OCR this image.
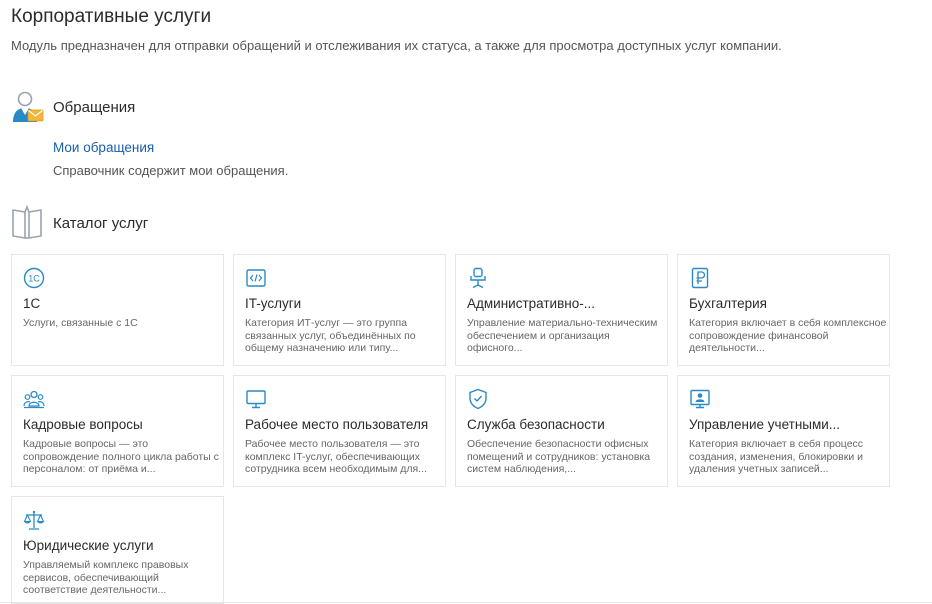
Корпоративные услуги
Модуль предназначен для отправки обращений и отслеживания их статуса, а также для просмотра доступных услуг компании.
Обращения
Мои обращения
Справочник содержит мои обращения.
Каталог услуг
1C
1С
Услуги, связанные с 1С
IT-услуги
Категория ИТ-услуг — это группа связанных услуг, объединённых по общему назначению или типу...
Административно-...
Управление материально-техническим обеспечением и организация офисного...
Бухгалтерия
Категория включает в себя комплексное сопровождение финансовой деятельности...
Кадровые вопросы
Кадровые вопросы — это сопровождение полного цикла работы с персоналом: от приёма и...
Рабочее место пользователя
Рабочее место пользователя — это комплекс IT-услуг, обеспечивающих сотрудника всем необходимым для...
Служба безопасности
Обеспечение безопасности офисных помещений и сотрудников: установка систем наблюдения,...
Управление учетными...
Категория включает в себя процесс создания, изменения, блокировки и удаления учетных записей...
Юридические услуги
Управляемый комплекс правовых сервисов, обеспечивающий соответствие деятельности...
